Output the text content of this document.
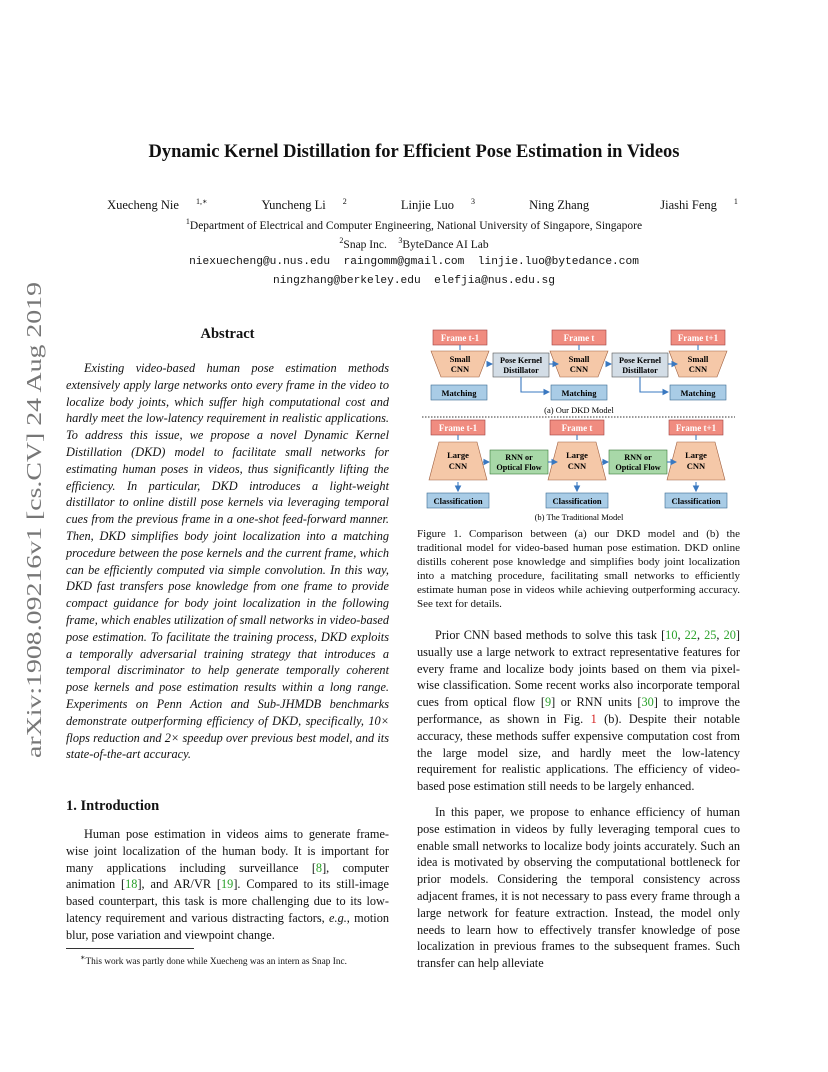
arXiv:1908.09216v1 [cs.CV] 24 Aug 2019
Dynamic Kernel Distillation for Efficient Pose Estimation in Videos
Xuecheng Nie $^{1,∗}$	Yuncheng Li $^2$	Linjie Luo $^3$	Ning Zhang	Jiashi Feng $^1$
$^1$Department of Electrical and Computer Engineering, National University of Singapore, Singapore
$^2$Snap Inc. $^3$ByteDance AI Lab
niexuecheng@u.nus.edu  raingomm@gmail.com  linjie.luo@bytedance.com
ningzhang@berkeley.edu  elefjia@nus.edu.sg
Abstract
Existing video-based human pose estimation methods extensively apply large networks onto every frame in the video to localize body joints, which suffer high computational cost and hardly meet the low-latency requirement in realistic applications. To address this issue, we propose a novel Dynamic Kernel Distillation (DKD) model to facilitate small networks for estimating human poses in videos, thus significantly lifting the efficiency. In particular, DKD introduces a light-weight distillator to online distill pose kernels via leveraging temporal cues from the previous frame in a one-shot feed-forward manner. Then, DKD simplifies body joint localization into a matching procedure between the pose kernels and the current frame, which can be efficiently computed via simple convolution. In this way, DKD fast transfers pose knowledge from one frame to provide compact guidance for body joint localization in the following frame, which enables utilization of small networks in video-based pose estimation. To facilitate the training process, DKD exploits a temporally adversarial training strategy that introduces a temporal discriminator to help generate temporally coherent pose kernels and pose estimation results within a long range. Experiments on Penn Action and Sub-JHMDB benchmarks demonstrate outperforming efficiency of DKD, specifically, 10× flops reduction and 2× speedup over previous best model, and its state-of-the-art accuracy.
1. Introduction
Human pose estimation in videos aims to generate frame-wise joint localization of the human body. It is important for many applications including surveillance [8], computer animation [18], and AR/VR [19]. Compared to its still-image based counterpart, this task is more challenging due to its low-latency requirement and various distracting factors, e.g., motion blur, pose variation and viewpoint change.
∗This work was partly done while Xuecheng was an intern as Snap Inc.
Frame t-1	Frame t	Frame t+1
Small
CNN
Small
CNN
Small
CNN
Pose Kernel
Distillator
Pose Kernel
Distillator
Matching	Matching	Matching
(a) Our DKD Model
Frame t-1	Frame t	Frame t+1
Large
CNN
Large
CNN
Large
CNN
RNN or
Optical Flow
RNN or
Optical Flow
Classification	Classification	Classification
(b) The Traditional Model
Figure 1. Comparison between (a) our DKD model and (b) the traditional model for video-based human pose estimation. DKD online distills coherent pose knowledge and simplifies body joint localization into a matching procedure, facilitating small networks to efficiently estimate human pose in videos while achieving outperforming accuracy. See text for details.
Prior CNN based methods to solve this task [10, 22, 25, 20] usually use a large network to extract representative features for every frame and localize body joints based on them via pixel-wise classification. Some recent works also incorporate temporal cues from optical flow [9] or RNN units [30] to improve the performance, as shown in Fig. 1 (b). Despite their notable accuracy, these methods suffer expensive computation cost from the large model size, and hardly meet the low-latency requirement for realistic applications. The efficiency of video-based pose estimation still needs to be largely enhanced.
In this paper, we propose to enhance efficiency of human pose estimation in videos by fully leveraging temporal cues to enable small networks to localize body joints accurately. Such an idea is motivated by observing the computational bottleneck for prior models. Considering the temporal consistency across adjacent frames, it is not necessary to pass every frame through a large network for feature extraction. Instead, the model only needs to learn how to effectively transfer knowledge of pose localization in previous frames to the subsequent frames. Such transfer can help alleviate
